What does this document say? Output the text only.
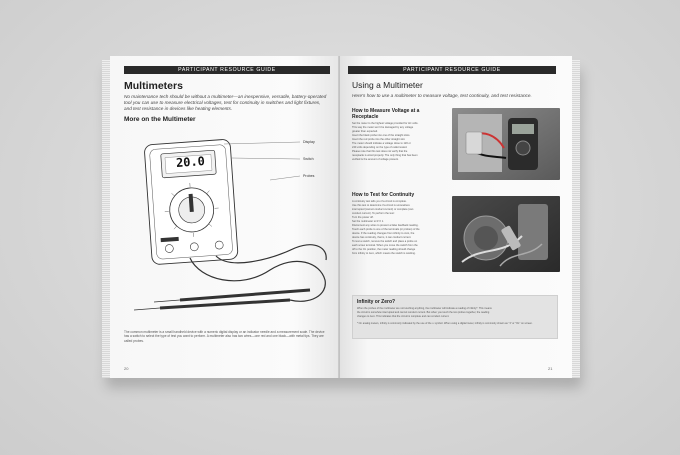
PARTICIPANT RESOURCE GUIDE
Multimeters
No maintenance tech should be without a multimeter—an inexpensive, versatile, battery-operated tool you can use to measure electrical voltages, test for continuity in switches and light fixtures, and test resistance in devices like heating elements.
More on the Multimeter
20.0
Display
Switch
Probes
The common multimeter is a small handheld device with a numeric digital display or an indicator needle and a measurement scale. The device has a switch to select the type of test you want to perform. A multimeter also has two wires—one red and one black—with metal tips. They are called probes.
20
PARTICIPANT RESOURCE GUIDE
Using a Multimeter
Here's how to use a multimeter to measure voltage, test continuity, and test resistance.
How to Measure Voltage at a Receptacle
Set the meter to the highest voltage provided for AC volts.
This way the meter won't be damaged by any voltage
greater than expected.
Insert the black probe into one of the straight slots.
Insert the red probe into the other straight slot.
The meter should indicate a voltage close to 120 or
240 volts depending on the type of outlet tested.
Please note that this test does not verify that the
receptacle is wired properly. The only thing that has been
verified is the amount of voltage present.
How to Test for Continuity
A continuity test tells you if a circuit is complete.
Use this test to determine if a circuit is somewhere
interrupted (cannot conduct current) or complete (can
conduct current). To perform the test:
Turn the power off.
Set the multimeter to R X 1.
Disconnect any wires to prevent a false feedback reading.
Touch each probe to one of the terminals (or probes) of the
device. If the reading changes from infinity to zero, the
device has continuity, that is, it can conduct current.
To test a switch, remove the switch and place a probe on
each screw terminal. When you move the switch from the
off to the On position, the meter reading should change
from infinity to zero, which means the switch is working.
Infinity or Zero?
When the probes of the multimeter are not touching anything, the multimeter will indicate a reading of infinity*. This means
the circuit is somehow interrupted and cannot conduct current. But when you touch the two probes together, the reading
changes to zero. This indicates that the circuit is complete and can conduct current.
* On analog meters, infinity is commonly indicated by the use of the ∞ symbol. When using a digital meter, infinity is commonly shown as "1" or "OL" on screen.
21
